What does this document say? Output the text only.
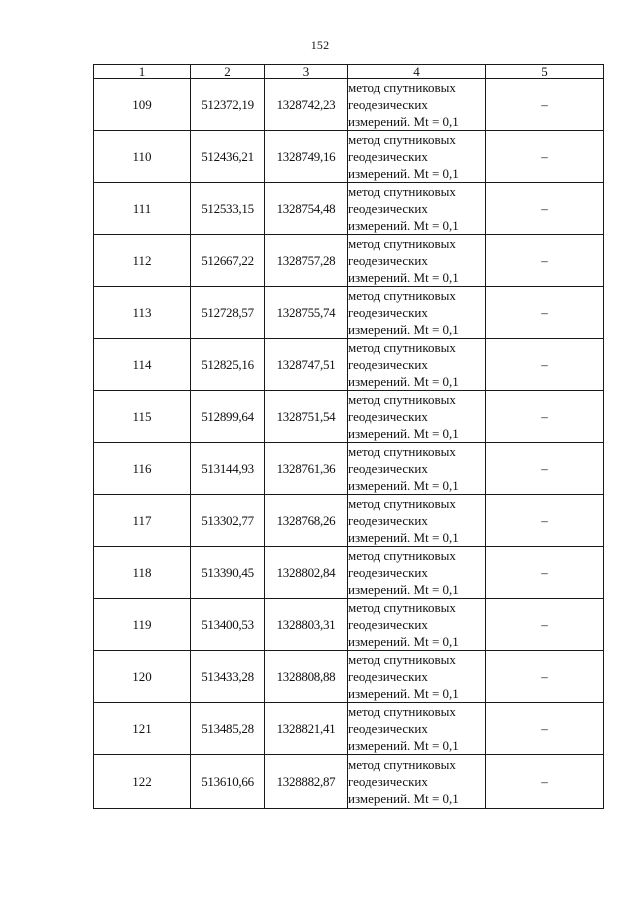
152
1	2	3	4	5
109	512372,19	1328742,23	метод спутниковых
геодезических
измерений. Mt = 0,1	–
110	512436,21	1328749,16	метод спутниковых
геодезических
измерений. Mt = 0,1	–
111	512533,15	1328754,48	метод спутниковых
геодезических
измерений. Mt = 0,1	–
112	512667,22	1328757,28	метод спутниковых
геодезических
измерений. Mt = 0,1	–
113	512728,57	1328755,74	метод спутниковых
геодезических
измерений. Mt = 0,1	–
114	512825,16	1328747,51	метод спутниковых
геодезических
измерений. Mt = 0,1	–
115	512899,64	1328751,54	метод спутниковых
геодезических
измерений. Mt = 0,1	–
116	513144,93	1328761,36	метод спутниковых
геодезических
измерений. Mt = 0,1	–
117	513302,77	1328768,26	метод спутниковых
геодезических
измерений. Mt = 0,1	–
118	513390,45	1328802,84	метод спутниковых
геодезических
измерений. Mt = 0,1	–
119	513400,53	1328803,31	метод спутниковых
геодезических
измерений. Mt = 0,1	–
120	513433,28	1328808,88	метод спутниковых
геодезических
измерений. Mt = 0,1	–
121	513485,28	1328821,41	метод спутниковых
геодезических
измерений. Mt = 0,1	–
122	513610,66	1328882,87	метод спутниковых
геодезических
измерений. Mt = 0,1	–
